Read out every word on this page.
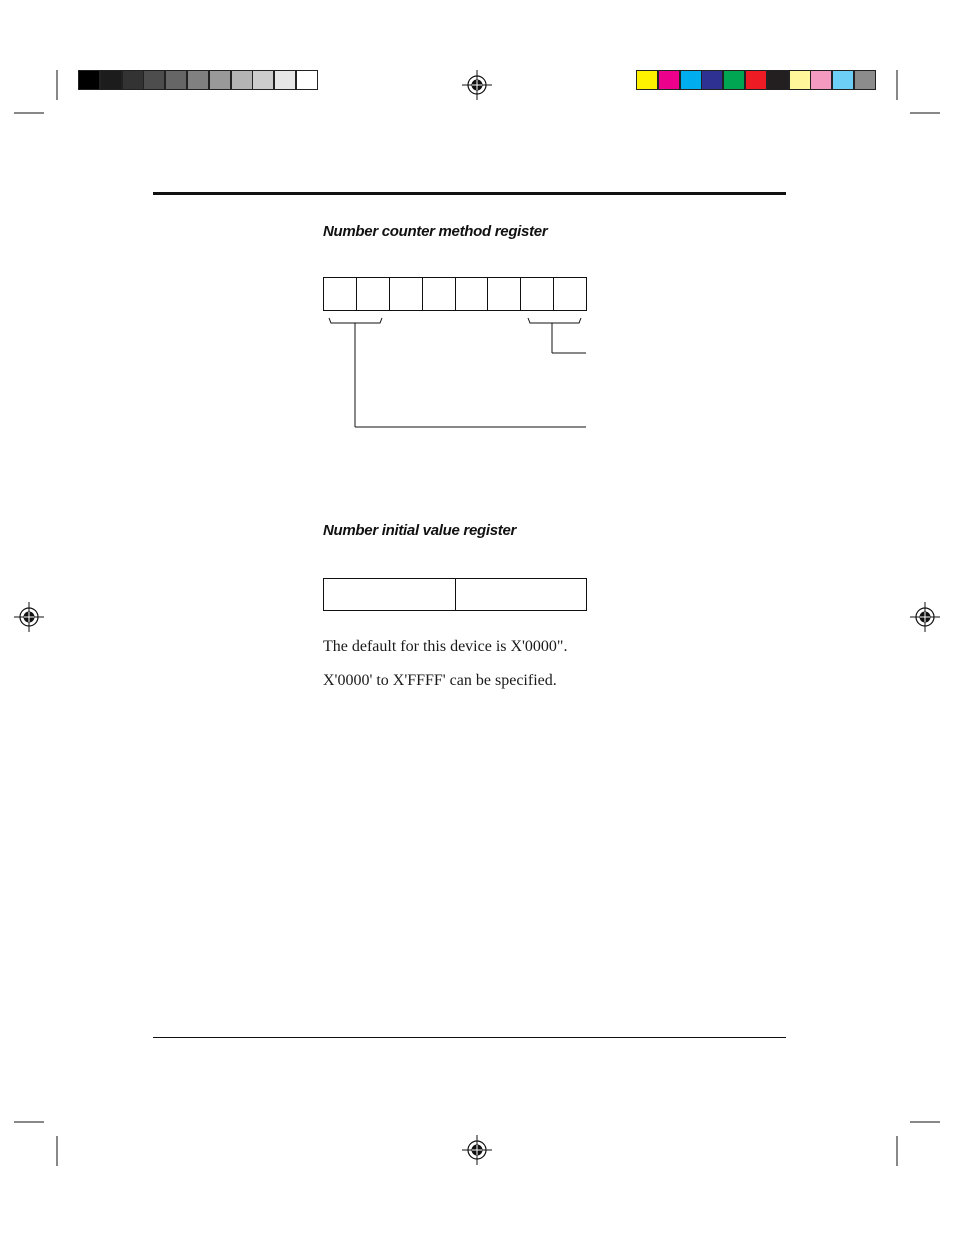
Number counter method register
Number initial value register
The default for this device is X'0000".
X'0000' to X'FFFF' can be specified.
